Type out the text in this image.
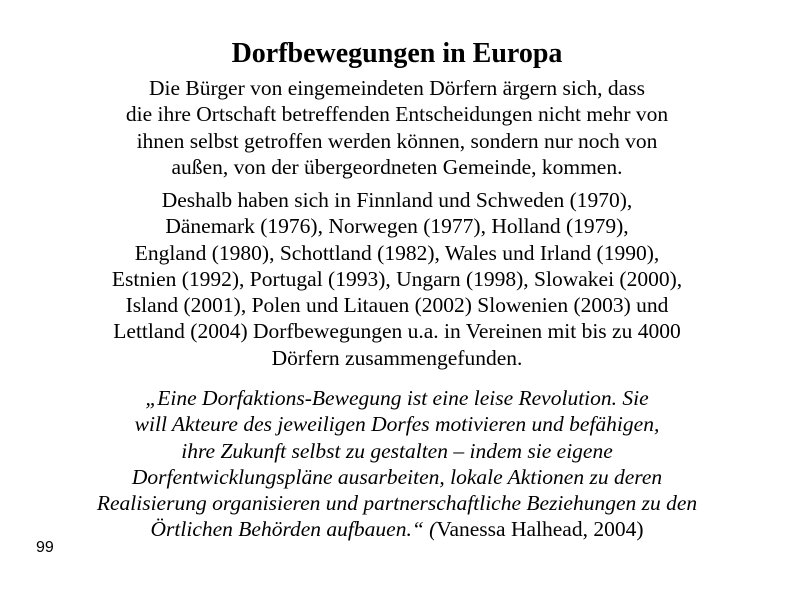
Dorfbewegungen in Europa
Die Bürger von eingemeindeten Dörfern ärgern sich, dass
die ihre Ortschaft betreffenden Entscheidungen nicht mehr von
ihnen selbst getroffen werden können, sondern nur noch von
außen, von der übergeordneten Gemeinde, kommen.
Deshalb haben sich in Finnland und Schweden (1970),
Dänemark (1976), Norwegen (1977), Holland (1979),
England (1980), Schottland (1982), Wales und Irland (1990),
Estnien (1992), Portugal (1993), Ungarn (1998), Slowakei (2000),
Island (2001), Polen und Litauen (2002) Slowenien (2003) und
Lettland (2004) Dorfbewegungen u.a. in Vereinen mit bis zu 4000
Dörfern zusammengefunden.
„Eine Dorfaktions-Bewegung ist eine leise Revolution. Sie
will Akteure des jeweiligen Dorfes motivieren und befähigen,
ihre Zukunft selbst zu gestalten – indem sie eigene
Dorfentwicklungspläne ausarbeiten, lokale Aktionen zu deren
Realisierung organisieren und partnerschaftliche Beziehungen zu den
Örtlichen Behörden aufbauen.“ (Vanessa Halhead, 2004)
99
